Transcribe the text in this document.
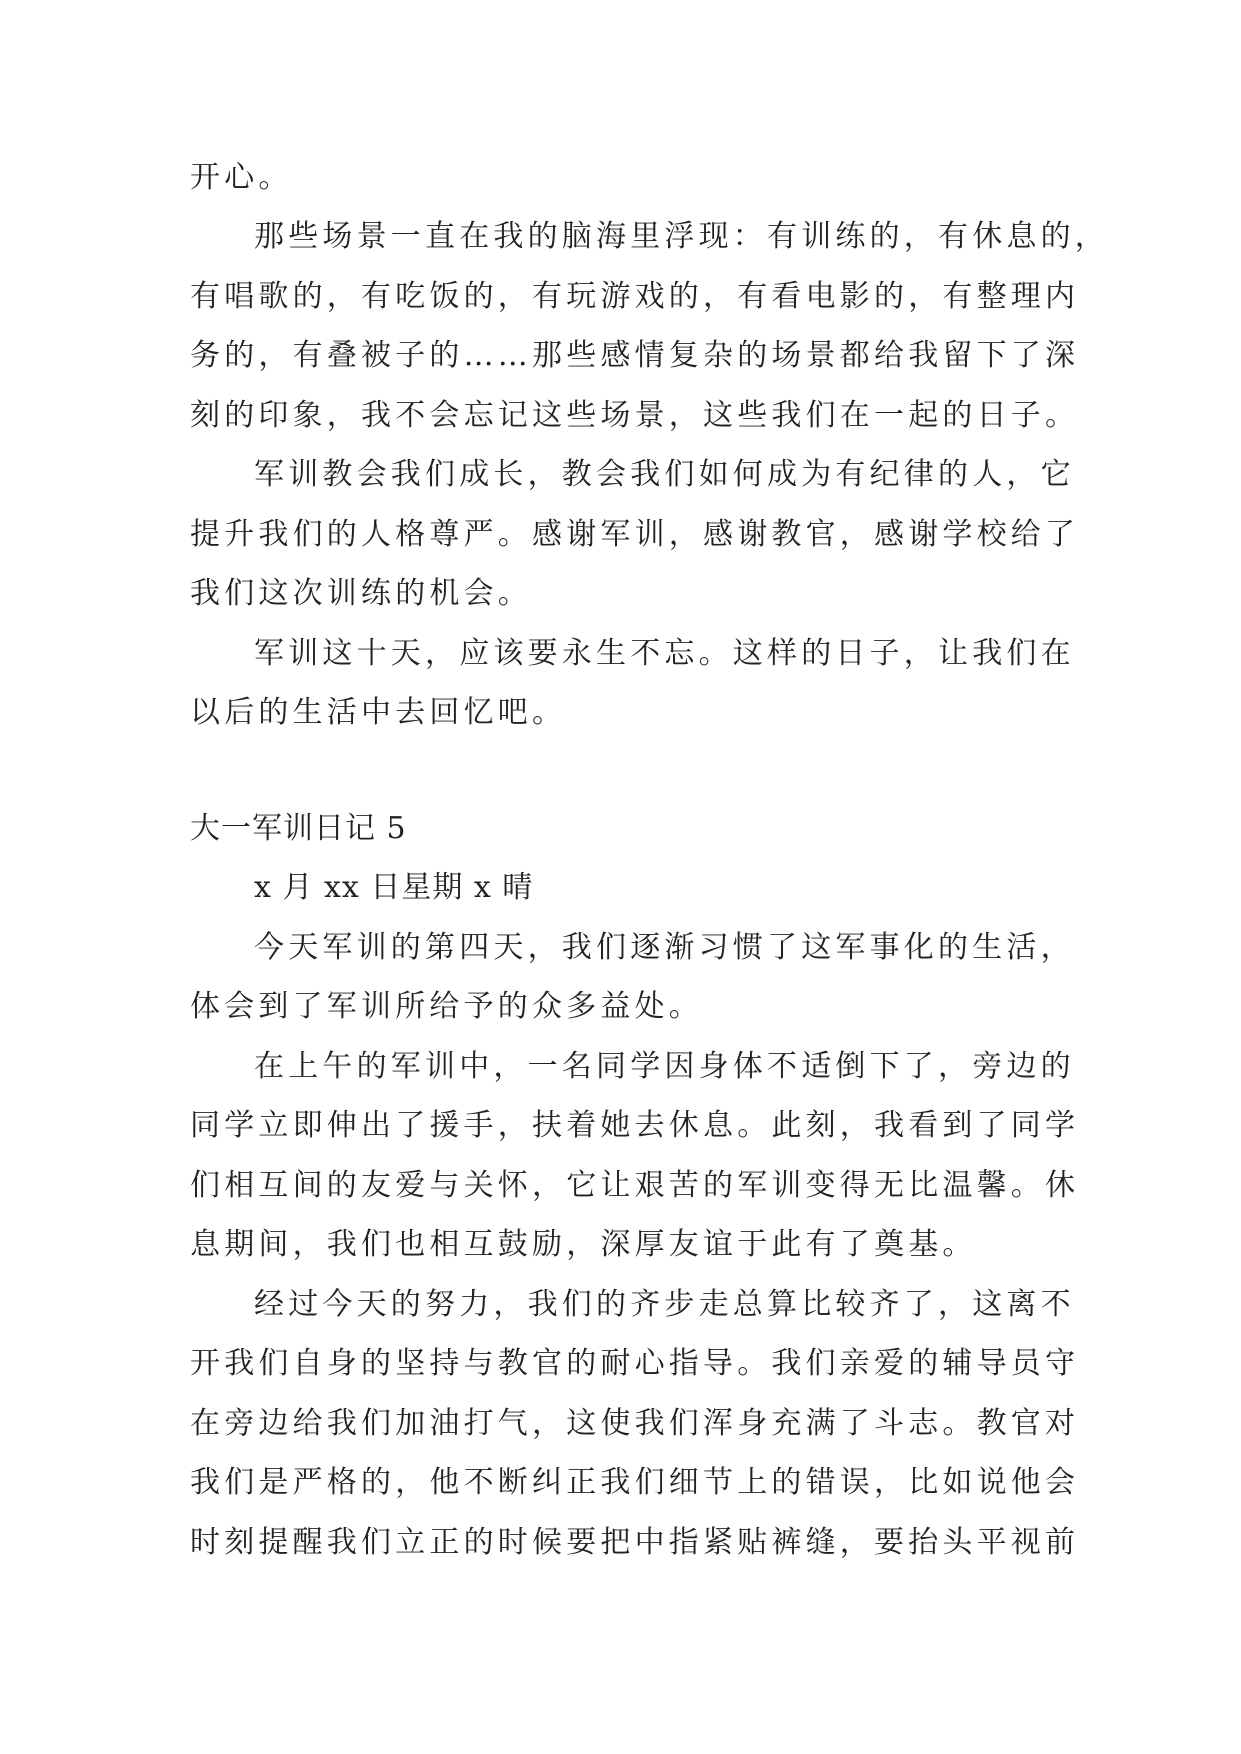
开心。
那些场景一直在我的脑海里浮现：有训练的，有休息的，
有唱歌的，有吃饭的，有玩游戏的，有看电影的，有整理内
务的，有叠被子的……那些感情复杂的场景都给我留下了深
刻的印象，我不会忘记这些场景，这些我们在一起的日子。
军训教会我们成长，教会我们如何成为有纪律的人，它
提升我们的人格尊严。感谢军训，感谢教官，感谢学校给了
我们这次训练的机会。
军训这十天，应该要永生不忘。这样的日子，让我们在
以后的生活中去回忆吧。
大一军训日记 5
x 月 xx 日星期 x 晴
今天军训的第四天，我们逐渐习惯了这军事化的生活，
体会到了军训所给予的众多益处。
在上午的军训中，一名同学因身体不适倒下了，旁边的
同学立即伸出了援手，扶着她去休息。此刻，我看到了同学
们相互间的友爱与关怀，它让艰苦的军训变得无比温馨。休
息期间，我们也相互鼓励，深厚友谊于此有了奠基。
经过今天的努力，我们的齐步走总算比较齐了，这离不
开我们自身的坚持与教官的耐心指导。我们亲爱的辅导员守
在旁边给我们加油打气，这使我们浑身充满了斗志。教官对
我们是严格的，他不断纠正我们细节上的错误，比如说他会
时刻提醒我们立正的时候要把中指紧贴裤缝，要抬头平视前
